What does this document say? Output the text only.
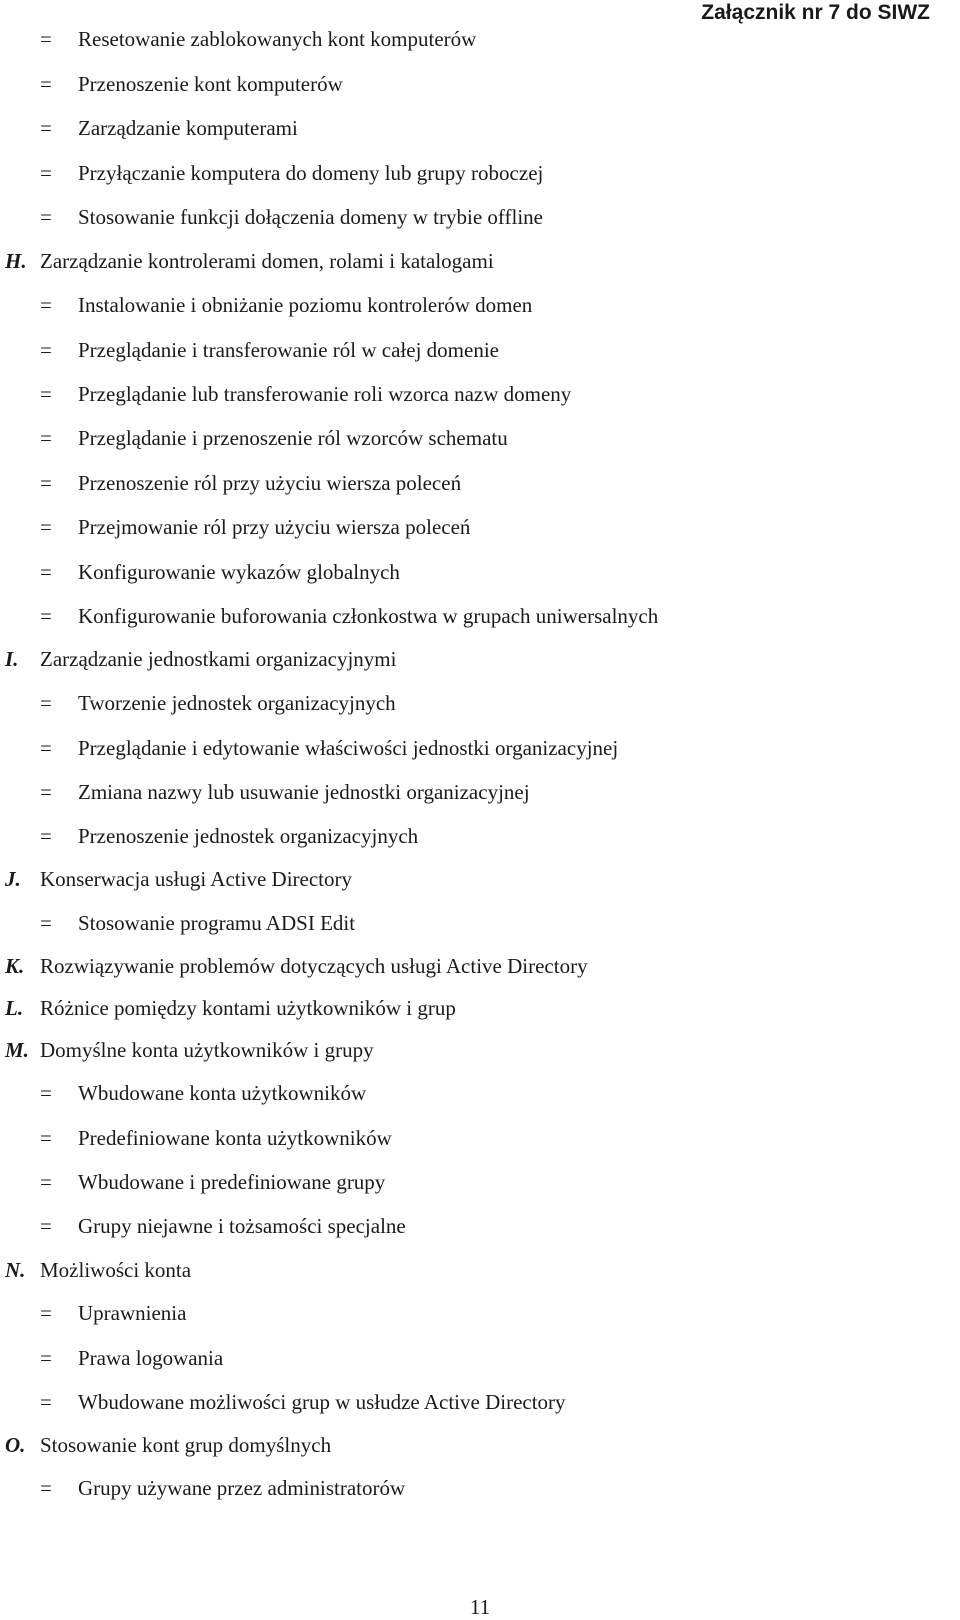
Załącznik nr 7 do SIWZ
= Resetowanie zablokowanych kont komputerów
= Przenoszenie kont komputerów
= Zarządzanie komputerami
= Przyłączanie komputera do domeny lub grupy roboczej
= Stosowanie funkcji dołączenia domeny w trybie offline
H. Zarządzanie kontrolerami domen, rolami i katalogami
= Instalowanie i obniżanie poziomu kontrolerów domen
= Przeglądanie i transferowanie ról w całej domenie
= Przeglądanie lub transferowanie roli wzorca nazw domeny
= Przeglądanie i przenoszenie ról wzorców schematu
= Przenoszenie ról przy użyciu wiersza poleceń
= Przejmowanie ról przy użyciu wiersza poleceń
= Konfigurowanie wykazów globalnych
= Konfigurowanie buforowania członkostwa w grupach uniwersalnych
I. Zarządzanie jednostkami organizacyjnymi
= Tworzenie jednostek organizacyjnych
= Przeglądanie i edytowanie właściwości jednostki organizacyjnej
= Zmiana nazwy lub usuwanie jednostki organizacyjnej
= Przenoszenie jednostek organizacyjnych
J. Konserwacja usługi Active Directory
= Stosowanie programu ADSI Edit
K. Rozwiązywanie problemów dotyczących usługi Active Directory
L. Różnice pomiędzy kontami użytkowników i grup
M. Domyślne konta użytkowników i grupy
= Wbudowane konta użytkowników
= Predefiniowane konta użytkowników
= Wbudowane i predefiniowane grupy
= Grupy niejawne i tożsamości specjalne
N. Możliwości konta
= Uprawnienia
= Prawa logowania
= Wbudowane możliwości grup w usłudze Active Directory
O. Stosowanie kont grup domyślnych
= Grupy używane przez administratorów
11
